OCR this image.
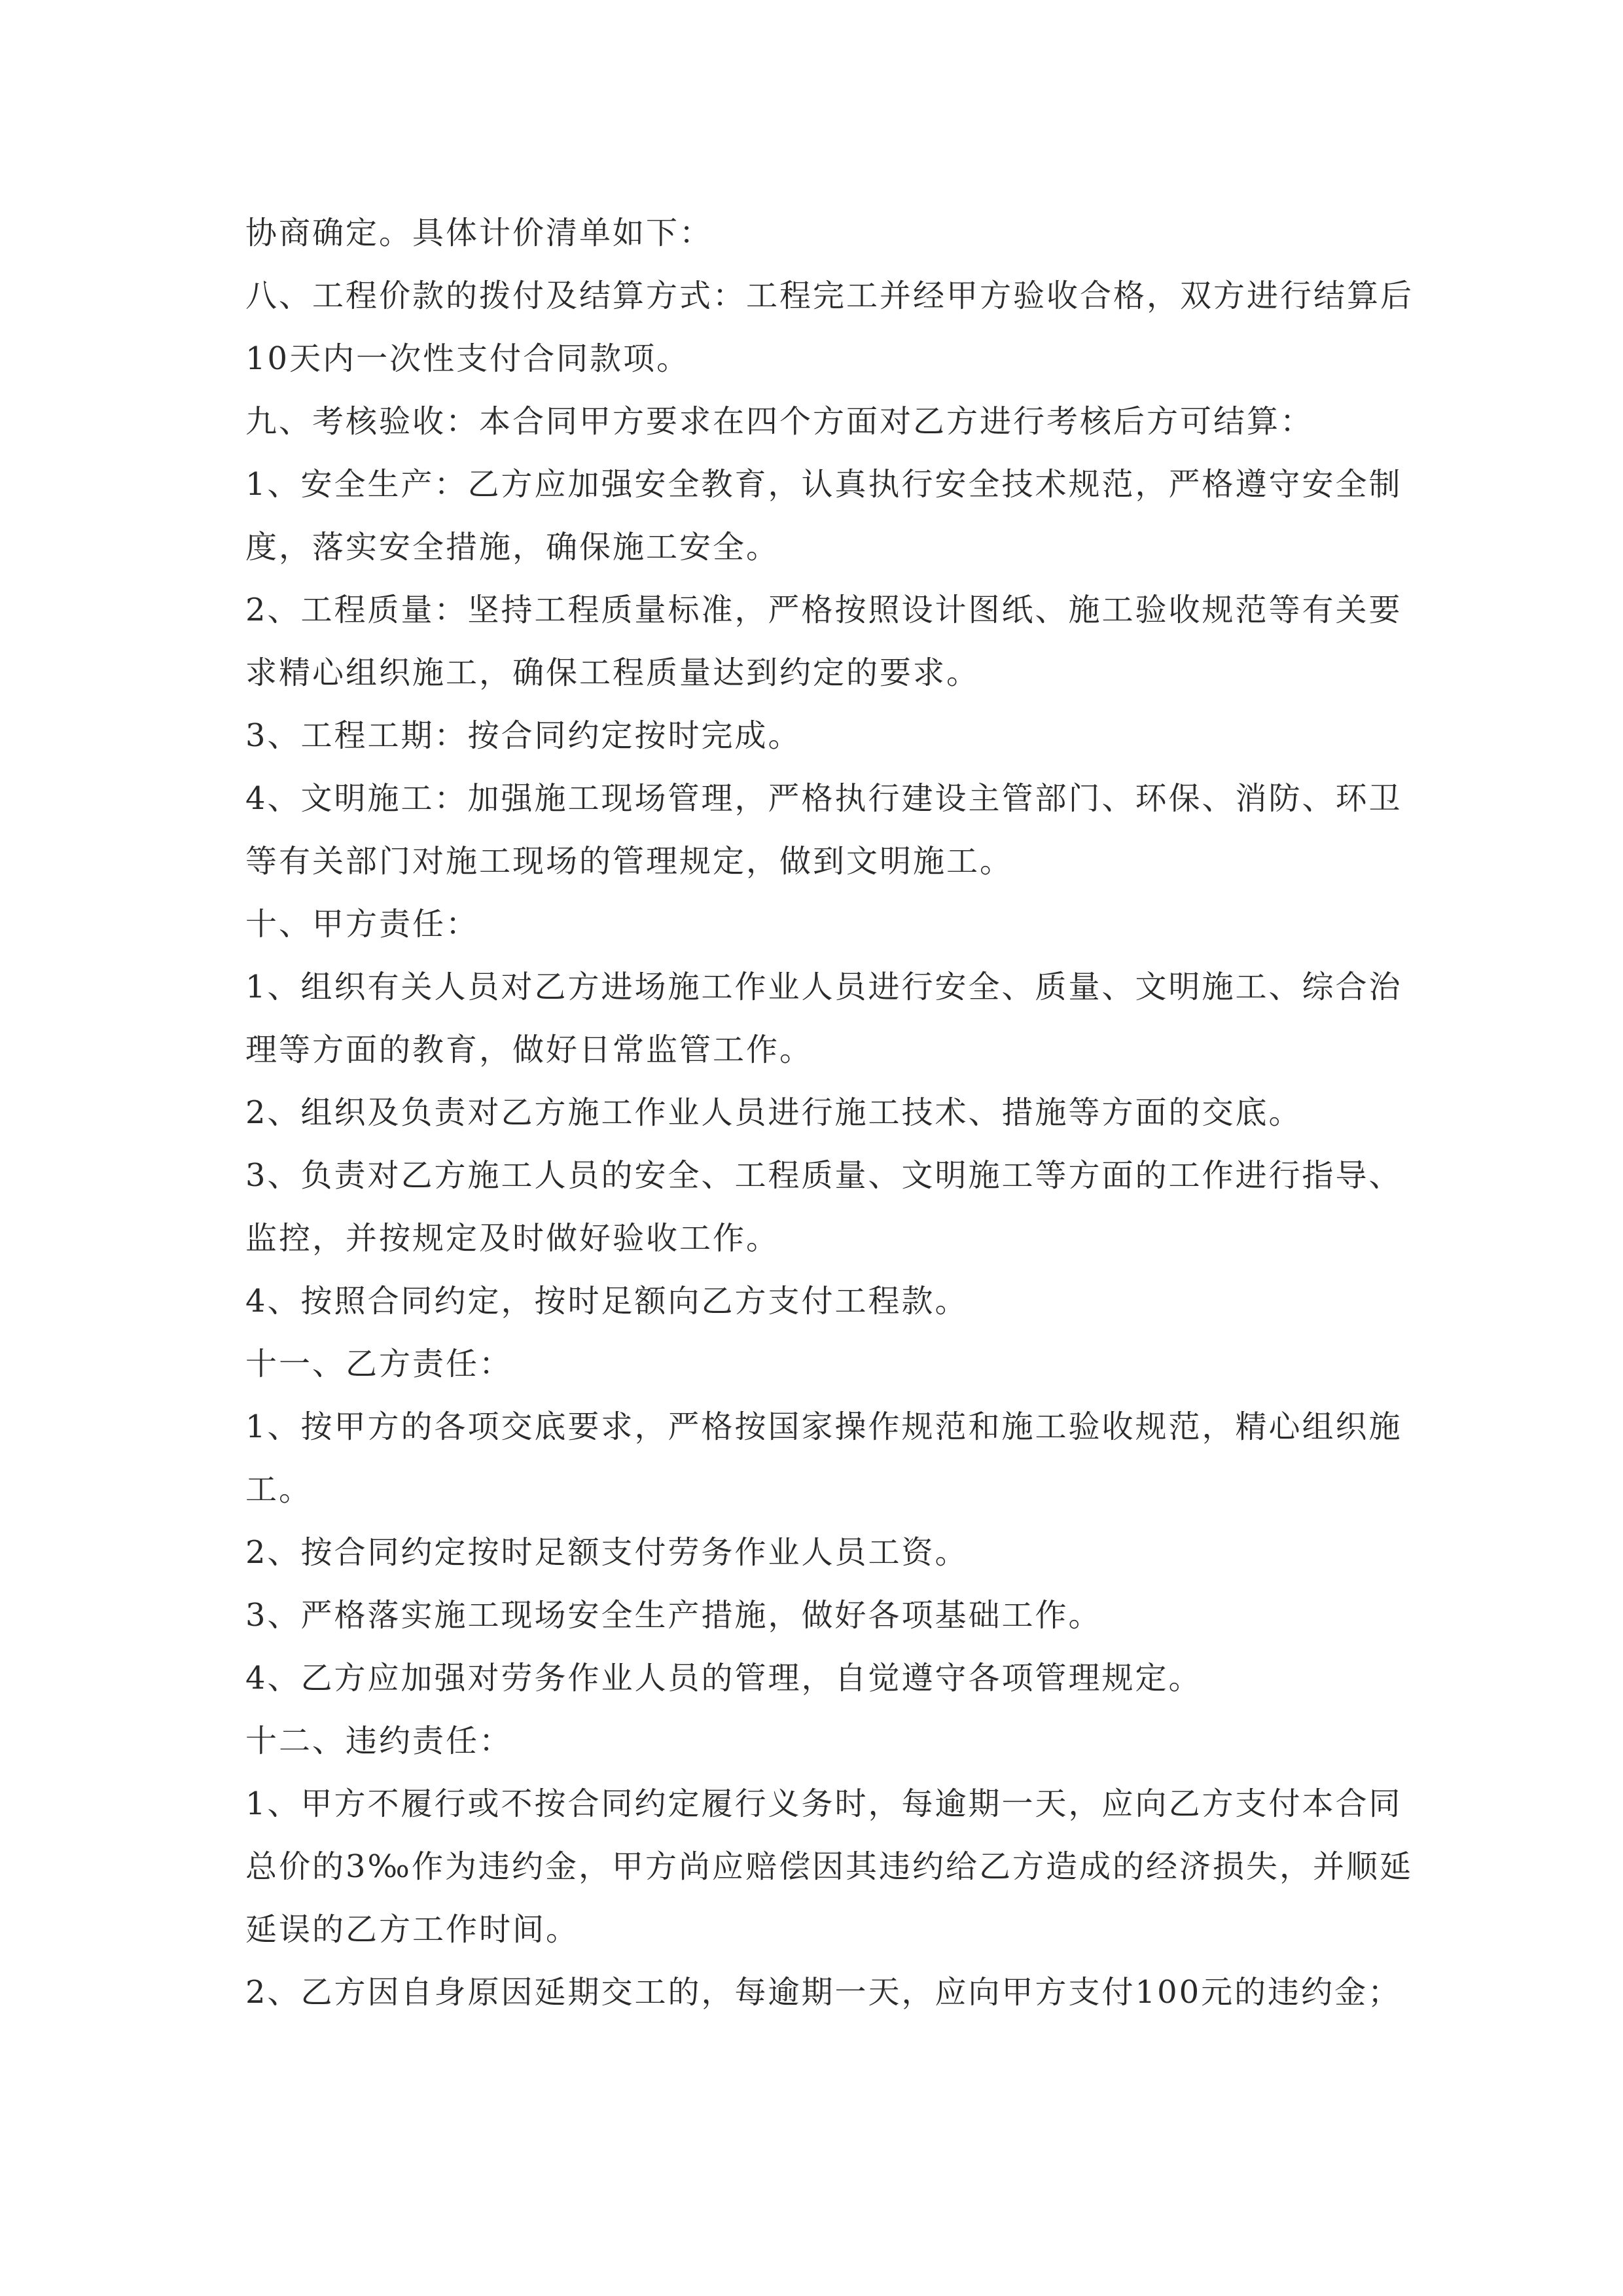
协商确定。具体计价清单如下：
八、工程价款的拨付及结算方式：工程完工并经甲方验收合格，双方进行结算后
10天内一次性支付合同款项。
九、考核验收：本合同甲方要求在四个方面对乙方进行考核后方可结算：
1、安全生产：乙方应加强安全教育，认真执行安全技术规范，严格遵守安全制
度，落实安全措施，确保施工安全。
2、工程质量：坚持工程质量标准，严格按照设计图纸、施工验收规范等有关要
求精心组织施工，确保工程质量达到约定的要求。
3、工程工期：按合同约定按时完成。
4、文明施工：加强施工现场管理，严格执行建设主管部门、环保、消防、环卫
等有关部门对施工现场的管理规定，做到文明施工。
十、甲方责任：
1、组织有关人员对乙方进场施工作业人员进行安全、质量、文明施工、综合治
理等方面的教育，做好日常监管工作。
2、组织及负责对乙方施工作业人员进行施工技术、措施等方面的交底。
3、负责对乙方施工人员的安全、工程质量、文明施工等方面的工作进行指导、
监控，并按规定及时做好验收工作。
4、按照合同约定，按时足额向乙方支付工程款。
十一、乙方责任：
1、按甲方的各项交底要求，严格按国家操作规范和施工验收规范，精心组织施
工。
2、按合同约定按时足额支付劳务作业人员工资。
3、严格落实施工现场安全生产措施，做好各项基础工作。
4、乙方应加强对劳务作业人员的管理，自觉遵守各项管理规定。
十二、违约责任：
1、甲方不履行或不按合同约定履行义务时，每逾期一天，应向乙方支付本合同
总价的3‰作为违约金，甲方尚应赔偿因其违约给乙方造成的经济损失，并顺延
延误的乙方工作时间。
2、乙方因自身原因延期交工的，每逾期一天，应向甲方支付100元的违约金；
